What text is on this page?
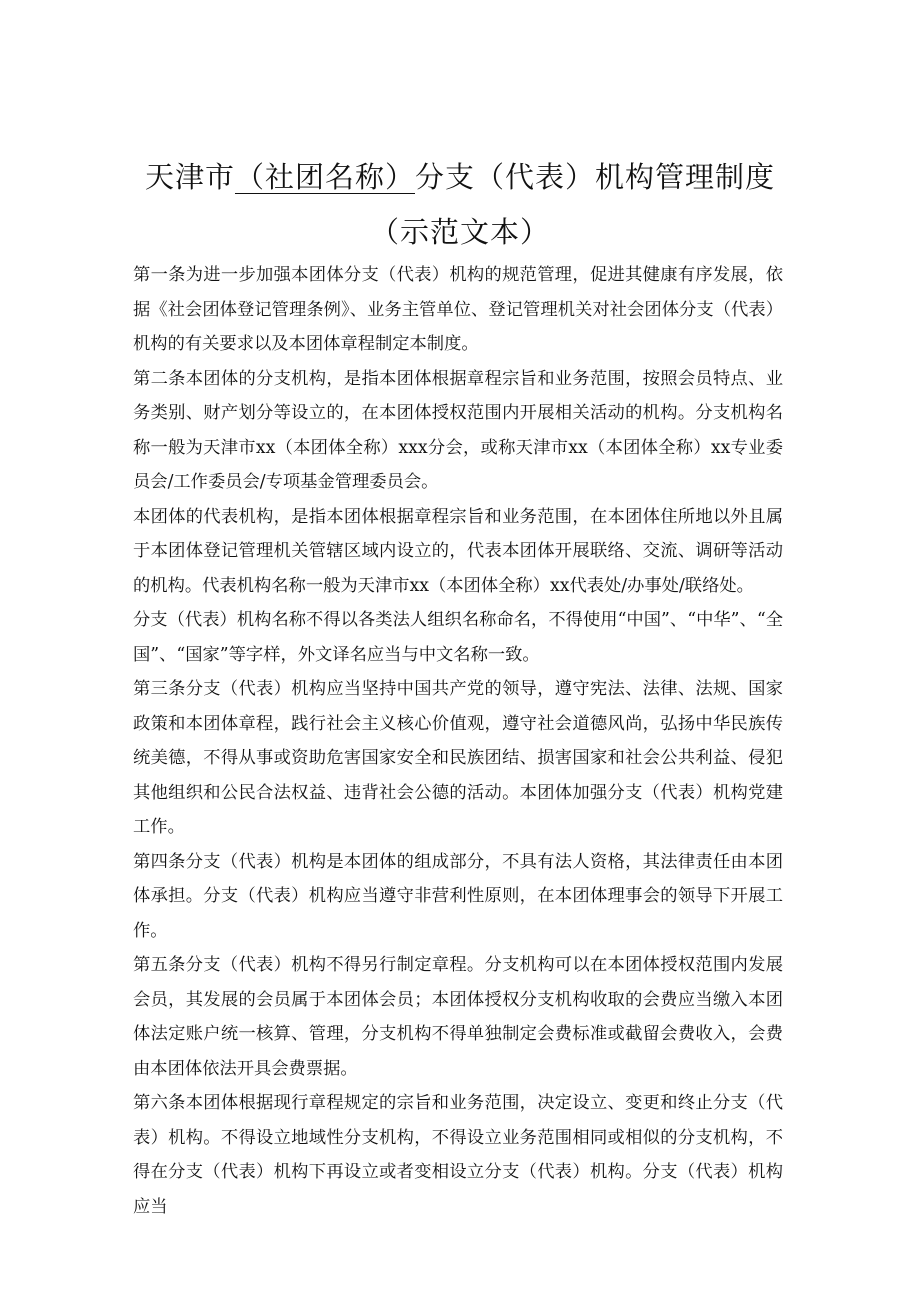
天津市（社团名称）分支（代表）机构管理制度（示范文本）

第一条为进一步加强本团体分支（代表）机构的规范管理，促进其健康有序发展，依据《社会团体登记管理条例》、业务主管单位、登记管理机关对社会团体分支（代表）机构的有关要求以及本团体章程制定本制度。

第二条本团体的分支机构，是指本团体根据章程宗旨和业务范围，按照会员特点、业务类别、财产划分等设立的，在本团体授权范围内开展相关活动的机构。分支机构名称一般为天津市xx（本团体全称）xxx分会，或称天津市xx（本团体全称）xx专业委员会/工作委员会/专项基金管理委员会。

本团体的代表机构，是指本团体根据章程宗旨和业务范围，在本团体住所地以外且属于本团体登记管理机关管辖区域内设立的，代表本团体开展联络、交流、调研等活动的机构。代表机构名称一般为天津市xx（本团体全称）xx代表处/办事处/联络处。

分支（代表）机构名称不得以各类法人组织名称命名，不得使用“中国”、“中华”、“全国”、“国家”等字样，外文译名应当与中文名称一致。

第三条分支（代表）机构应当坚持中国共产党的领导，遵守宪法、法律、法规、国家政策和本团体章程，践行社会主义核心价值观，遵守社会道德风尚，弘扬中华民族传统美德，不得从事或资助危害国家安全和民族团结、损害国家和社会公共利益、侵犯其他组织和公民合法权益、违背社会公德的活动。本团体加强分支（代表）机构党建工作。

第四条分支（代表）机构是本团体的组成部分，不具有法人资格，其法律责任由本团体承担。分支（代表）机构应当遵守非营利性原则，在本团体理事会的领导下开展工作。

第五条分支（代表）机构不得另行制定章程。分支机构可以在本团体授权范围内发展会员，其发展的会员属于本团体会员；本团体授权分支机构收取的会费应当缴入本团体法定账户统一核算、管理，分支机构不得单独制定会费标准或截留会费收入，会费由本团体依法开具会费票据。

第六条本团体根据现行章程规定的宗旨和业务范围，决定设立、变更和终止分支（代表）机构。不得设立地域性分支机构，不得设立业务范围相同或相似的分支机构，不得在分支（代表）机构下再设立或者变相设立分支（代表）机构。分支（代表）机构应当
